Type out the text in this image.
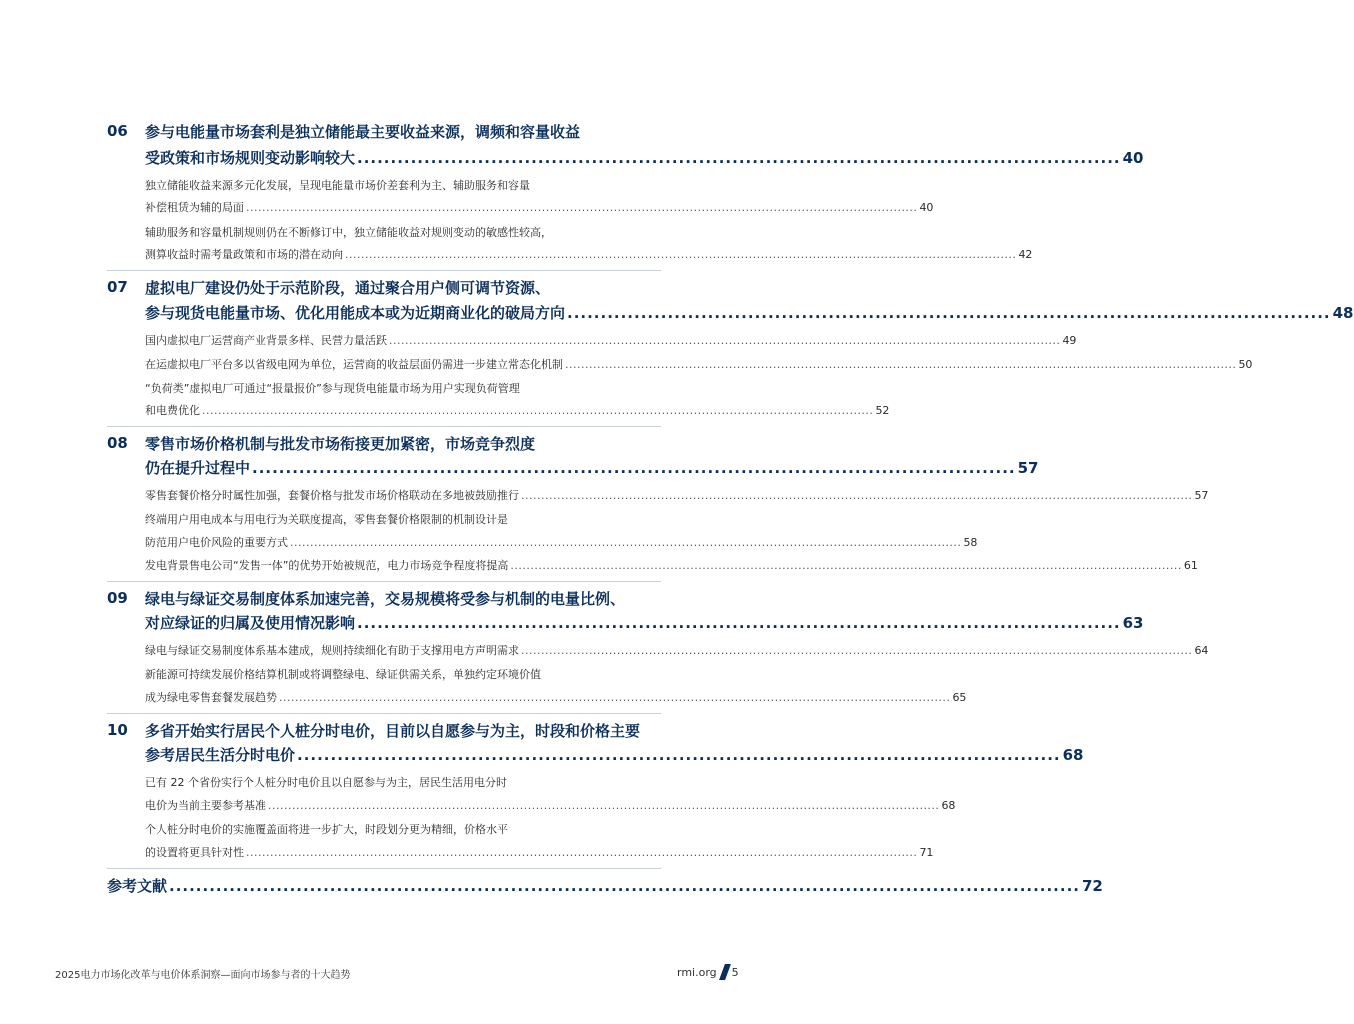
06 参与电能量市场套利是独立储能最主要收益来源，调频和容量收益
受政策和市场规则变动影响较大 .................................................................................................................. 40
独立储能收益来源多元化发展，呈现电能量市场价差套利为主、辅助服务和容量
补偿租赁为辅的局面 ........................................................................................................................................................................ 40
辅助服务和容量机制规则仍在不断修订中，独立储能收益对规则变动的敏感性较高，
测算收益时需考量政策和市场的潜在动向 ........................................................................................................................................................................ 42
07 虚拟电厂建设仍处于示范阶段，通过聚合用户侧可调节资源、
参与现货电能量市场、优化用能成本或为近期商业化的破局方向 .................................................................................................................. 48
国内虚拟电厂运营商产业背景多样、民营力量活跃 ........................................................................................................................................................................ 49
在运虚拟电厂平台多以省级电网为单位，运营商的收益层面仍需进一步建立常态化机制 ........................................................................................................................................................................ 50
“负荷类”虚拟电厂可通过“报量报价”参与现货电能量市场为用户实现负荷管理
和电费优化 ........................................................................................................................................................................ 52
08 零售市场价格机制与批发市场衔接更加紧密，市场竞争烈度
仍在提升过程中 .................................................................................................................. 57
零售套餐价格分时属性加强，套餐价格与批发市场价格联动在多地被鼓励推行 ........................................................................................................................................................................ 57
终端用户用电成本与用电行为关联度提高，零售套餐价格限制的机制设计是
防范用户电价风险的重要方式 ........................................................................................................................................................................ 58
发电背景售电公司“发售一体”的优势开始被规范，电力市场竞争程度将提高 ........................................................................................................................................................................ 61
09 绿电与绿证交易制度体系加速完善，交易规模将受参与机制的电量比例、
对应绿证的归属及使用情况影响 .................................................................................................................. 63
绿电与绿证交易制度体系基本建成，规则持续细化有助于支撑用电方声明需求 ........................................................................................................................................................................ 64
新能源可持续发展价格结算机制或将调整绿电、绿证供需关系，单独约定环境价值
成为绿电零售套餐发展趋势 ........................................................................................................................................................................ 65
10 多省开始实行居民个人桩分时电价，目前以自愿参与为主，时段和价格主要
参考居民生活分时电价 .................................................................................................................. 68
已有 22 个省份实行个人桩分时电价且以自愿参与为主，居民生活用电分时
电价为当前主要参考基准 ........................................................................................................................................................................ 68
个人桩分时电价的实施覆盖面将进一步扩大，时段划分更为精细，价格水平
的设置将更具针对性 ........................................................................................................................................................................ 71
参考文献 ........................................................................................................................................ 72
2025电力市场化改革与电价体系洞察—面向市场参与者的十大趋势	rmi.org 5
